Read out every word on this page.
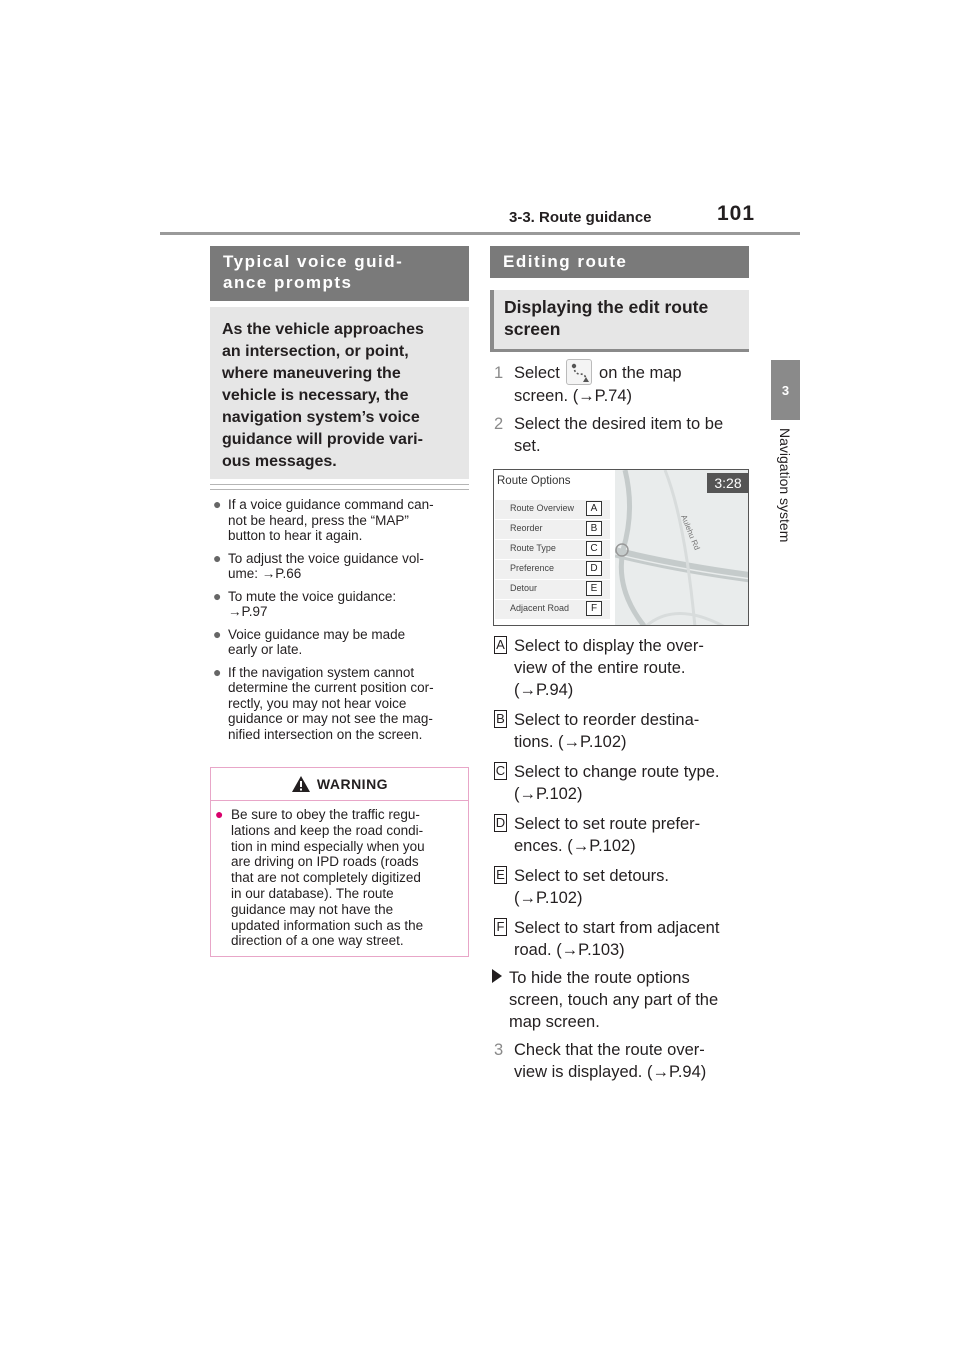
3-3. Route guidance	101
3
Navigation system
Typical voice guid-
ance prompts
As the vehicle approaches
an intersection, or point,
where maneuvering the
vehicle is necessary, the
navigation system’s voice
guidance will provide vari-
ous messages.
● If a voice guidance command can-
not be heard, press the “MAP”
button to hear it again.
● To adjust the voice guidance vol-
ume: →P.66
● To mute the voice guidance:
→P.97
● Voice guidance may be made
early or late.
● If the navigation system cannot
determine the current position cor-
rectly, you may not hear voice
guidance or may not see the mag-
nified intersection on the screen.
WARNING
● Be sure to obey the traffic regu-
lations and keep the road condi-
tion in mind especially when you
are driving on IPD roads (roads
that are not completely digitized
in our database). The route
guidance may not have the
updated information such as the
direction of a one way street.
Editing route
Displaying the edit route
screen
1 Select on the map
screen. (→P.74)
2 Select the desired item to be
set.
Route Options
Route Overview	A
Reorder	B
Route Type	C
Preference	D
Detour	E
Adjacent Road	F
Aulehu Rd
3:28
A Select to display the over-
view of the entire route.
(→P.94)
B Select to reorder destina-
tions. (→P.102)
C Select to change route type.
(→P.102)
D Select to set route prefer-
ences. (→P.102)
E Select to set detours.
(→P.102)
F Select to start from adjacent
road. (→P.103)
To hide the route options
screen, touch any part of the
map screen.
3 Check that the route over-
view is displayed. (→P.94)
